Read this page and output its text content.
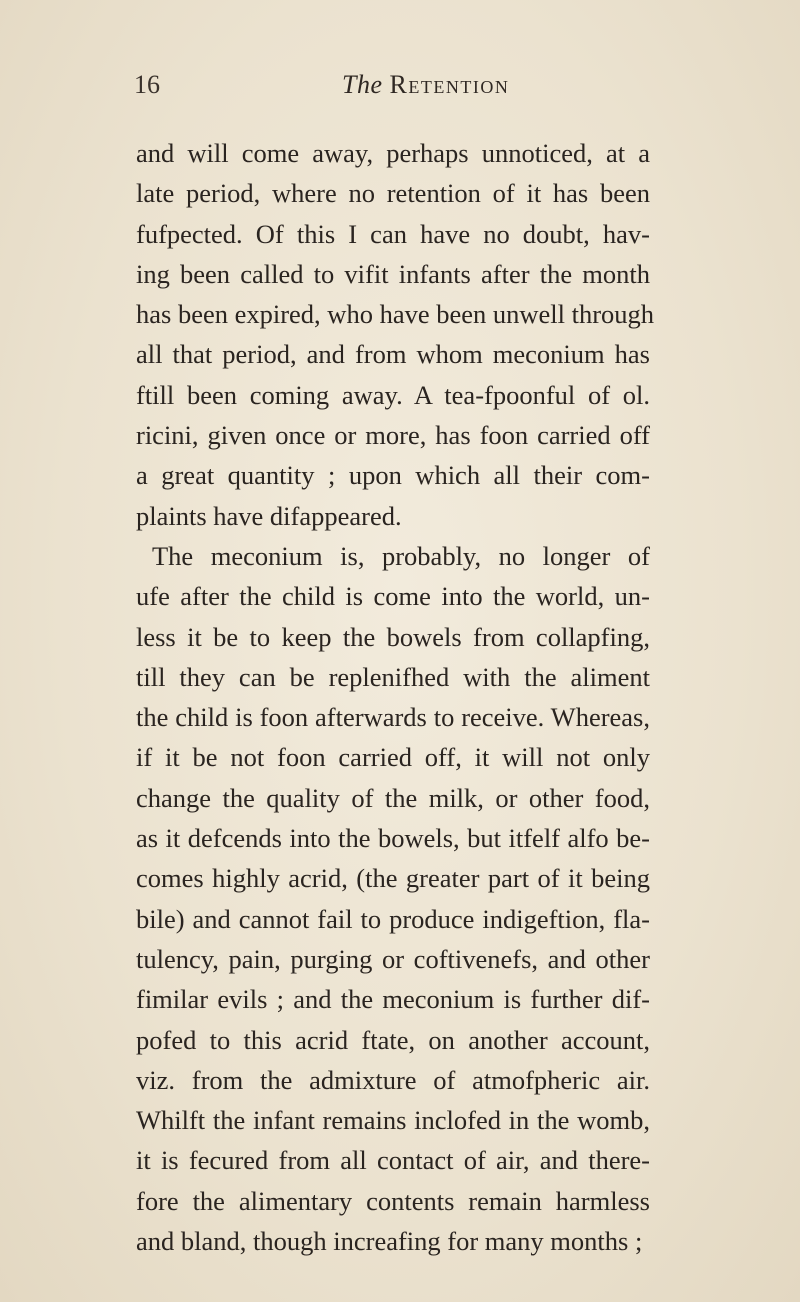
16	The Retention
and will come away, perhaps unnoticed, at a
late period, where no retention of it has been
fufpected. Of this I can have no doubt, hav-
ing been called to vifit infants after the month
has been expired, who have been unwell through
all that period, and from whom meconium has
ftill been coming away. A tea-fpoonful of ol.
ricini, given once or more, has foon carried off
a great quantity ; upon which all their com-
plaints have difappeared.
The meconium is, probably, no longer of
ufe after the child is come into the world, un-
less it be to keep the bowels from collapfing,
till they can be replenifhed with the aliment
the child is foon afterwards to receive. Whereas,
if it be not foon carried off, it will not only
change the quality of the milk, or other food,
as it defcends into the bowels, but itfelf alfo be-
comes highly acrid, (the greater part of it being
bile) and cannot fail to produce indigeftion, fla-
tulency, pain, purging or coftivenefs, and other
fimilar evils ; and the meconium is further dif-
pofed to this acrid ftate, on another account,
viz. from the admixture of atmofpheric air.
Whilft the infant remains inclofed in the womb,
it is fecured from all contact of air, and there-
fore the alimentary contents remain harmless
and bland, though increafing for many months ;
